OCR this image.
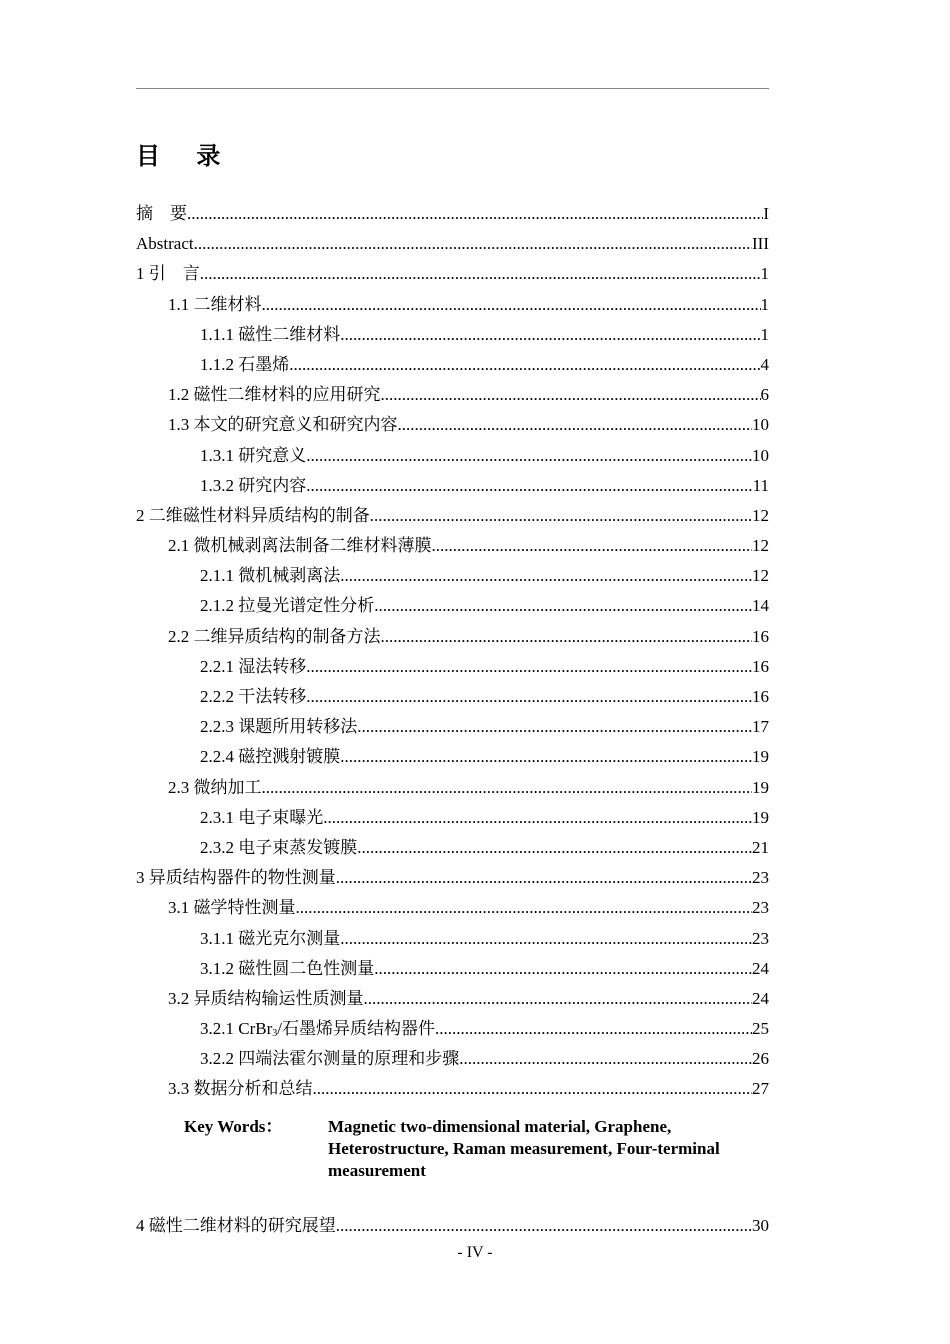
目 录
摘　要 .....	I
Abstract .....	III
1 引　言 .....	1
1.1 二维材料 .....	1
1.1.1 磁性二维材料 .....	1
1.1.2 石墨烯 .....	4
1.2 磁性二维材料的应用研究 .....	6
1.3 本文的研究意义和研究内容 .....	10
1.3.1 研究意义 .....	10
1.3.2 研究内容 .....	11
2 二维磁性材料异质结构的制备 .....	12
2.1 微机械剥离法制备二维材料薄膜 .....	12
2.1.1 微机械剥离法 .....	12
2.1.2 拉曼光谱定性分析 .....	14
2.2 二维异质结构的制备方法 .....	16
2.2.1 湿法转移 .....	16
2.2.2 干法转移 .....	16
2.2.3 课题所用转移法 .....	17
2.2.4 磁控溅射镀膜 .....	19
2.3 微纳加工 .....	19
2.3.1 电子束曝光 .....	19
2.3.2 电子束蒸发镀膜 .....	21
3 异质结构器件的物性测量 .....	23
3.1 磁学特性测量 .....	23
3.1.1 磁光克尔测量 .....	23
3.1.2 磁性圆二色性测量 .....	24
3.2 异质结构输运性质测量 .....	24
3.2.1 CrBr$_3$/石墨烯异质结构器件 .....	25
3.2.2 四端法霍尔测量的原理和步骤 .....	26
3.3 数据分析和总结 .....	27
Key Words：	Magnetic two-dimensional material, Graphene, Heterostructure, Raman measurement, Four-terminal measurement
4 磁性二维材料的研究展望 .....	30
- IV -
